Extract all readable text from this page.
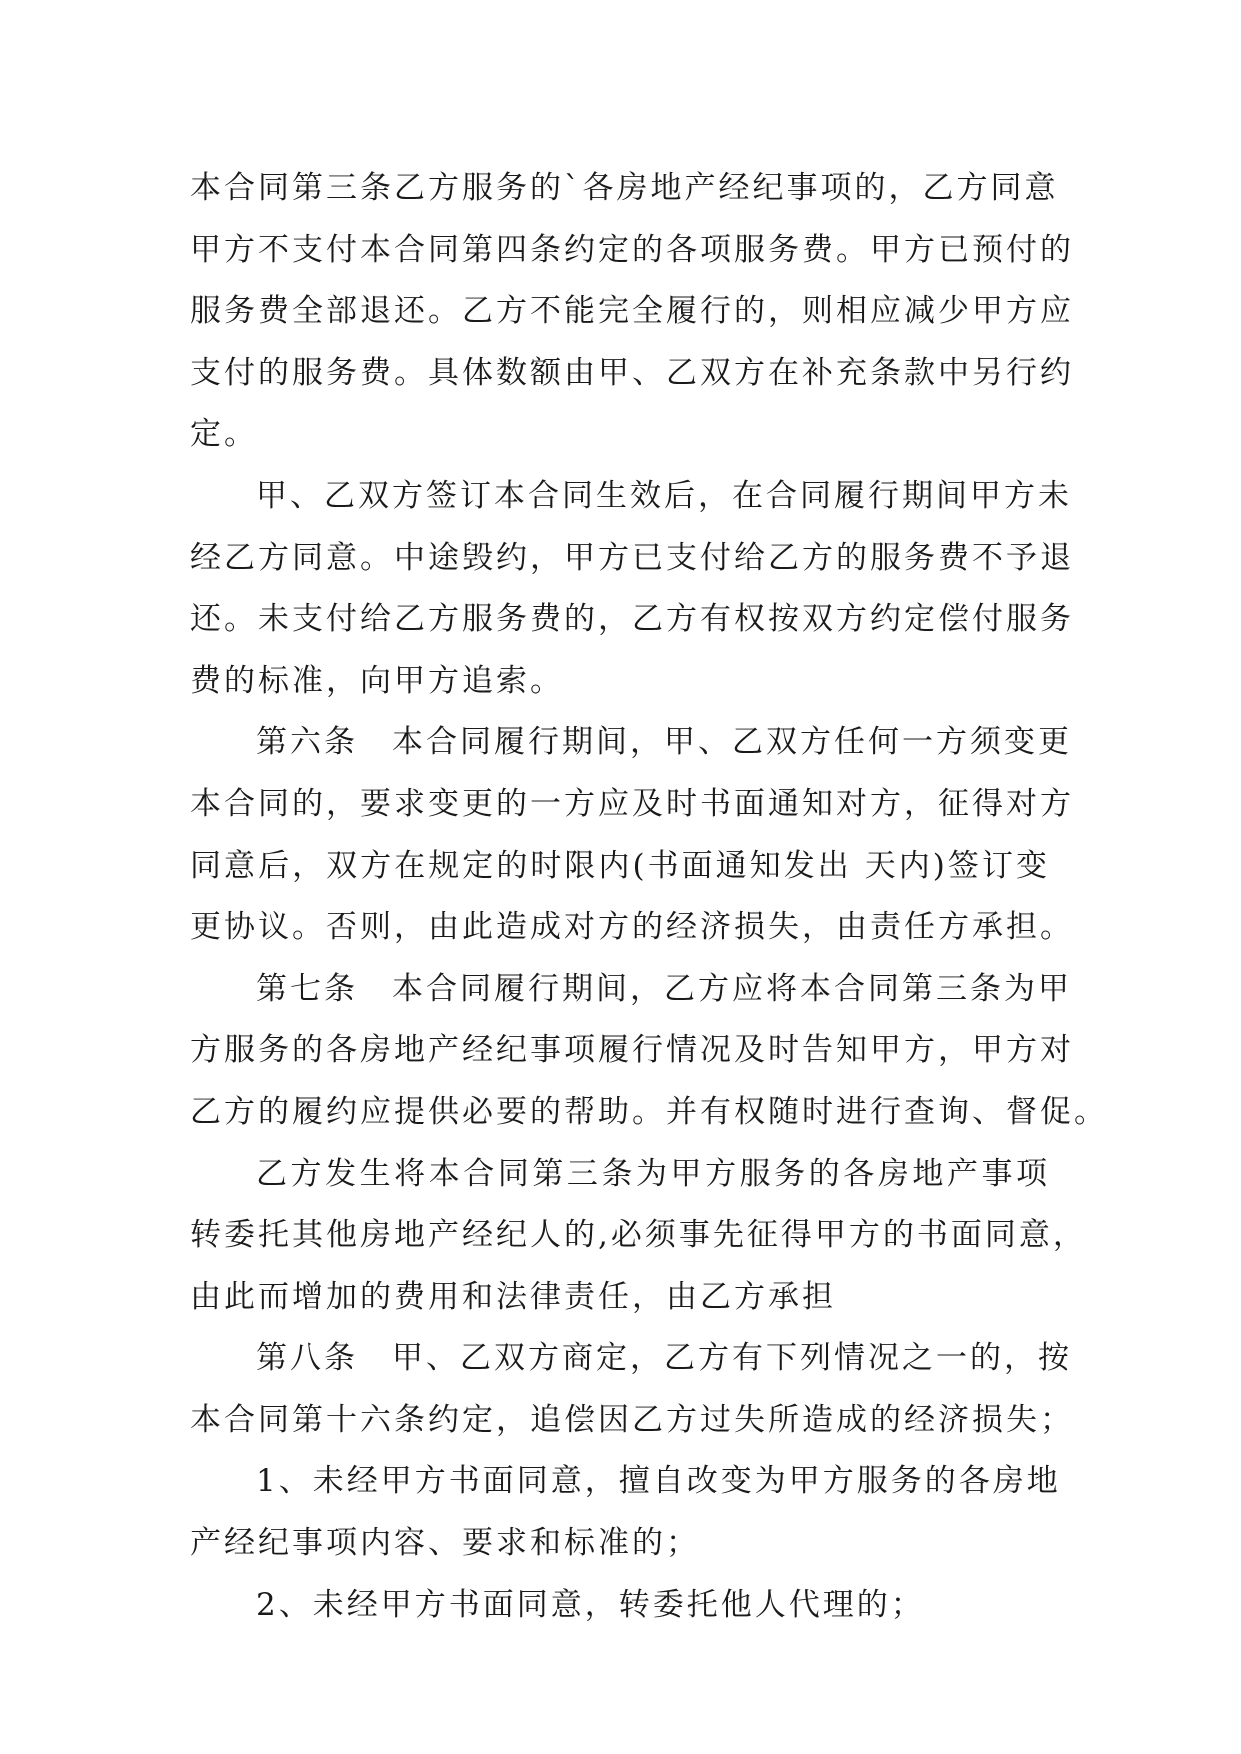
本合同第三条乙方服务的`各房地产经纪事项的，乙方同意
甲方不支付本合同第四条约定的各项服务费。甲方已预付的
服务费全部退还。乙方不能完全履行的，则相应减少甲方应
支付的服务费。具体数额由甲、乙双方在补充条款中另行约
定。
甲、乙双方签订本合同生效后，在合同履行期间甲方未
经乙方同意。中途毁约，甲方已支付给乙方的服务费不予退
还。未支付给乙方服务费的，乙方有权按双方约定偿付服务
费的标准，向甲方追索。
第六条　本合同履行期间，甲、乙双方任何一方须变更
本合同的，要求变更的一方应及时书面通知对方，征得对方
同意后，双方在规定的时限内(书面通知发出 天内)签订变
更协议。否则，由此造成对方的经济损失，由责任方承担。
第七条　本合同履行期间，乙方应将本合同第三条为甲
方服务的各房地产经纪事项履行情况及时告知甲方，甲方对
乙方的履约应提供必要的帮助。并有权随时进行查询、督促。
乙方发生将本合同第三条为甲方服务的各房地产事项
转委托其他房地产经纪人的,必须事先征得甲方的书面同意，
由此而增加的费用和法律责任，由乙方承担
第八条　甲、乙双方商定，乙方有下列情况之一的，按
本合同第十六条约定，追偿因乙方过失所造成的经济损失；
1、未经甲方书面同意，擅自改变为甲方服务的各房地
产经纪事项内容、要求和标准的；
2、未经甲方书面同意，转委托他人代理的；
